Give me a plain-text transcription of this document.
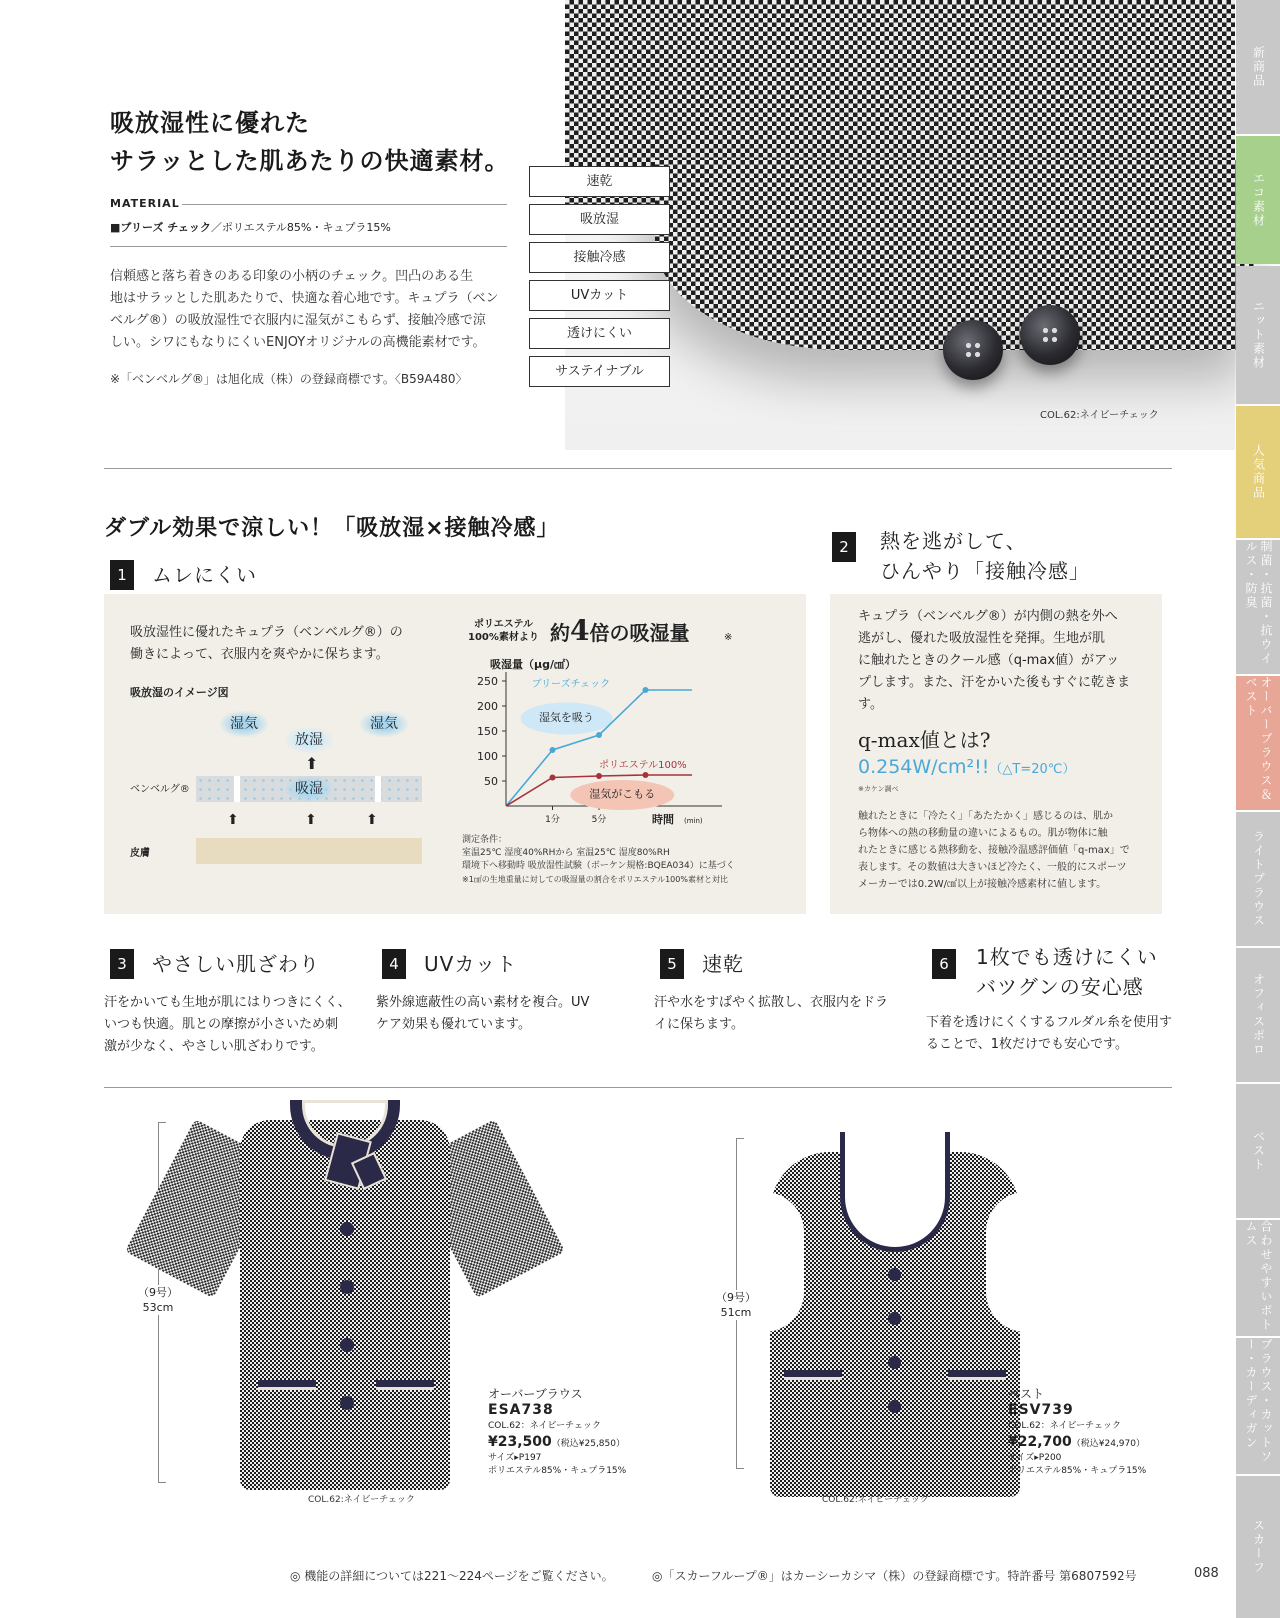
COL.62:ネイビーチェック
吸放湿性に優れた
サラッとした肌あたりの快適素材。
MATERIAL
■ブリーズ チェック／ポリエステル85%・キュプラ15%
信頼感と落ち着きのある印象の小柄のチェック。凹凸のある生
地はサラッとした肌あたりで、快適な着心地です。キュプラ（ベン
ベルグ®）の吸放湿性で衣服内に湿気がこもらず、接触冷感で涼
しい。シワにもなりにくいENJOYオリジナルの高機能素材です。
※「ベンベルグ®」は旭化成（株）の登録商標です。〈B59A480〉
速乾
吸放湿
接触冷感
UVカット
透けにくい
サステイナブル
新商品
エコ素材
ニット素材
人気商品
制菌・抗菌・抗ウイルス・防臭
オーバーブラウス＆ベスト
ライトブラウス
オフィスポロ
ベスト
合わせやすいボトムス
ブラウス・カットソー・カーディガン
スカーフ
ダブル効果で涼しい！「吸放湿×接触冷感」
1	ムレにくい
吸放湿性に優れたキュプラ（ベンベルグ®）の
働きによって、衣服内を爽やかに保ちます。
吸放湿のイメージ図
湿気
放湿
湿気
⬆
ベンベルグ®	吸湿
⬆	⬆	⬆
皮膚
ポリエステル
100%素材より 約4倍の吸湿量	※
吸湿量（μg/㎠）
250
200
150
100
50
1分	5分	時間 (min)
ブリーズチェック
湿気を吸う
ポリエステル100%
湿気がこもる
測定条件：
室温25℃ 湿度40%RHから 室温25℃ 湿度80%RH
環境下へ移動時 吸放湿性試験（ボーケン規格:BQEA034）に基づく
※1㎠の生地重量に対しての吸湿量の割合をポリエステル100%素材と対比
2	熱を逃がして、
ひんやり「接触冷感」
キュプラ（ベンベルグ®）が内側の熱を外へ
逃がし、優れた吸放湿性を発揮。生地が肌
に触れたときのクール感（q-max値）がアッ
プします。また、汗をかいた後もすぐに乾きま
す。
q-max値とは?
0.254W/cm²!!（△T=20℃）
※カケン調べ
触れたときに「冷たく」「あたたかく」感じるのは、肌か
ら物体への熱の移動量の違いによるもの。肌が物体に触
れたときに感じる熱移動を、接触冷温感評価値「q-max」で
表します。その数値は大きいほど冷たく、一般的にスポーツ
メーカーでは0.2W/㎠以上が接触冷感素材に値します。
3	やさしい肌ざわり
汗をかいても生地が肌にはりつきにくく、
いつも快適。肌との摩擦が小さいため刺
激が少なく、やさしい肌ざわりです。
4	UVカット
紫外線遮蔽性の高い素材を複合。UV
ケア効果も優れています。
5	速乾
汗や水をすばやく拡散し、衣服内をドラ
イに保ちます。
6	1枚でも透けにくい
バツグンの安心感
下着を透けにくくするフルダル糸を使用す
ることで、1枚だけでも安心です。
（9号）
53cm
COL.62:ネイビーチェック
オーバーブラウス
ESA738
COL.62：ネイビーチェック
¥23,500（税込¥25,850）
サイズ▸P197
ポリエステル85%・キュプラ15%
（9号）
51cm
COL.62:ネイビーチェック
ベスト
ESV739
COL.62：ネイビーチェック
¥22,700（税込¥24,970）
サイズ▸P200
ポリエステル85%・キュプラ15%
◎ 機能の詳細については221〜224ページをご覧ください。	◎「スカーフループ®」はカーシーカシマ（株）の登録商標です。特許番号 第6807592号	088
